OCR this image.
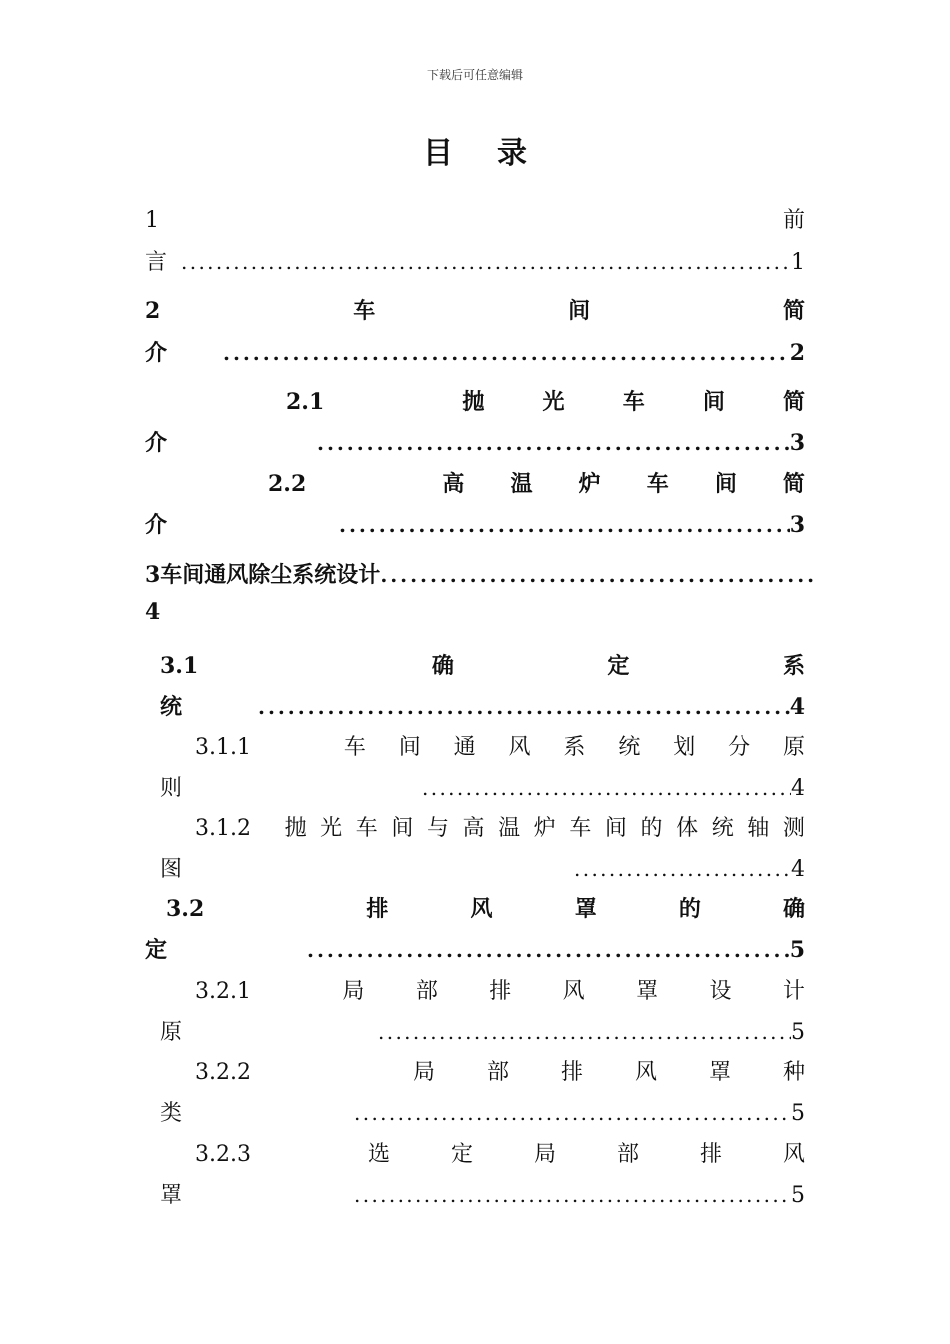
下载后可任意编辑
目 录
1	前
言 . . .	1
2	车	间	简
介 . . .	2
2.1	抛	光	车	间	简
介 . . .	3
2.2	高 温 炉 车 间 简
介 . . .	3
3车间通风除尘系统设计
. . .
4
3.1	确	定	系
统 . . .	4
3.1.1	车 间 通 风 系 统 划 分 原
则 . . .	4
3.1.2 抛 光 车 间 与 高 温 炉 车 间 的 体 统 轴 测
图 . . .	4
3.2	排	风	罩	的	确
定 . . .	5
3.2.1	局 部 排 风 罩 设 计
原 . . .	5
3.2.2	局 部 排 风 罩 种
类 . . .	5
3.2.3	选	定	局	部	排	风
罩 . . .	5
